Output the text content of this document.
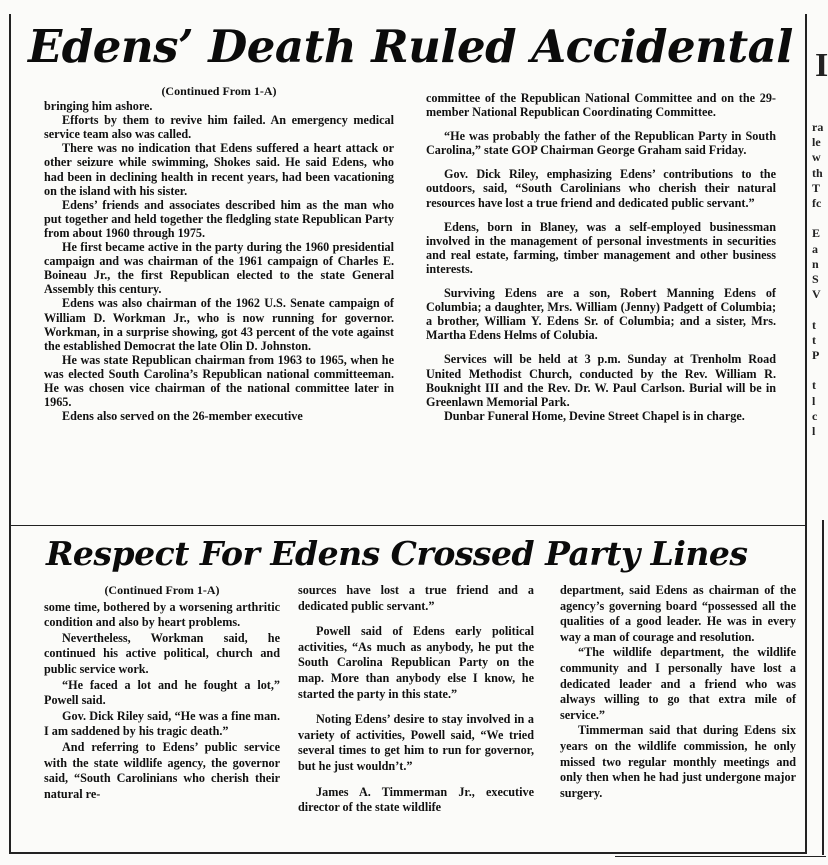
Edens’ Death Ruled Accidental
(Continued From 1-A)

bringing him ashore.

Efforts by them to revive him failed. An emergency medical service team also was called.

There was no indication that Edens suffered a heart attack or other seizure while swimming, Shokes said. He said Edens, who had been in declining health in recent years, had been vacationing on the island with his sister.

Edens’ friends and associates described him as the man who put together and held together the fledgling state Republican Party from about 1960 through 1975.

He first became active in the party during the 1960 presidential campaign and was chairman of the 1961 campaign of Charles E. Boineau Jr., the first Republican elected to the state General Assembly this century.

Edens was also chairman of the 1962 U.S. Senate campaign of William D. Workman Jr., who is now running for governor. Workman, in a surprise showing, got 43 percent of the vote against the established Democrat the late Olin D. Johnston.

He was state Republican chairman from 1963 to 1965, when he was elected South Carolina’s Republican national committeeman. He was chosen vice chairman of the national committee later in 1965.

Edens also served on the 26-member executive

committee of the Republican National Committee and on the 29-member National Republican Coordinating Committee.

“He was probably the father of the Republican Party in South Carolina,” state GOP Chairman George Graham said Friday.

Gov. Dick Riley, emphasizing Edens’ contributions to the outdoors, said, “South Carolinians who cherish their natural resources have lost a true friend and dedicated public servant.”

Edens, born in Blaney, was a self-employed businessman involved in the management of personal investments in securities and real estate, farming, timber management and other business interests.

Surviving Edens are a son, Robert Manning Edens of Columbia; a daughter, Mrs. William (Jenny) Padgett of Columbia; a brother, William Y. Edens Sr. of Columbia; and a sister, Mrs. Martha Edens Helms of Colubia.

Services will be held at 3 p.m. Sunday at Trenholm Road United Methodist Church, conducted by the Rev. William R. Bouknight III and the Rev. Dr. W. Paul Carlson. Burial will be in Greenlawn Memorial Park.

Dunbar Funeral Home, Devine Street Chapel is in charge.

Respect For Edens Crossed Party Lines
(Continued From 1-A)

some time, bothered by a worsening arthritic condition and also by heart problems.

Nevertheless, Workman said, he continued his active political, church and public service work.

“He faced a lot and he fought a lot,” Powell said.

Gov. Dick Riley said, “He was a fine man. I am saddened by his tragic death.”

And referring to Edens’ public service with the state wildlife agency, the governor said, “South Carolinians who cherish their natural re-

sources have lost a true friend and a dedicated public servant.”

Powell said of Edens early political activities, “As much as anybody, he put the South Carolina Republican Party on the map. More than anybody else I know, he started the party in this state.”

Noting Edens’ desire to stay involved in a variety of activities, Powell said, “We tried several times to get him to run for governor, but he just wouldn’t.”

James A. Timmerman Jr., executive director of the state wildlife

department, said Edens as chairman of the agency’s governing board “possessed all the qualities of a good leader. He was in every way a man of courage and resolution.

“The wildlife department, the wildlife community and I personally have lost a dedicated leader and a friend who was always willing to go that extra mile of service.”

Timmerman said that during Edens six years on the wildlife commission, he only missed two regular monthly meetings and only then when he had just undergone major surgery.

I
ra
le
w
th
T
fc

E
a
n
S
V

t
t
P

t
l
c
l
